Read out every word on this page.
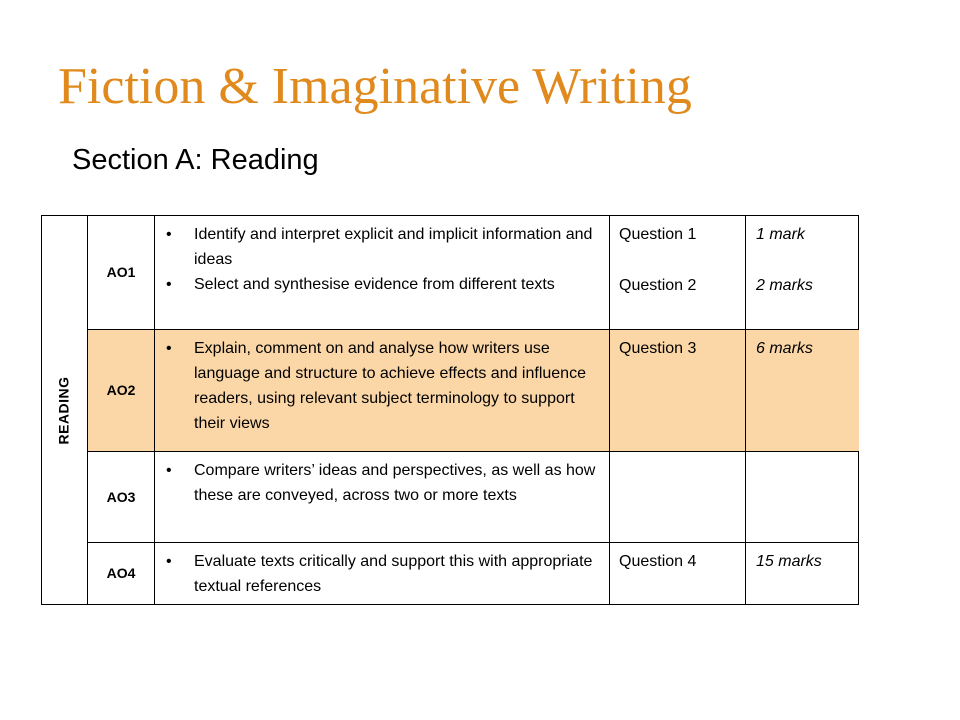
Fiction & Imaginative Writing
Section A: Reading
READING
AO1
• Identify and interpret explicit and implicit information and ideas
• Select and synthesise evidence from different texts
Question 1
Question 2
1 mark
2 marks
AO2
• Explain, comment on and analyse how writers use language and structure to achieve effects and influence readers, using relevant subject terminology to support their views
Question 3	6 marks
AO3
• Compare writers’ ideas and perspectives, as well as how these are conveyed, across two or more texts
AO4
• Evaluate texts critically and support this with appropriate textual references
Question 4	15 marks
